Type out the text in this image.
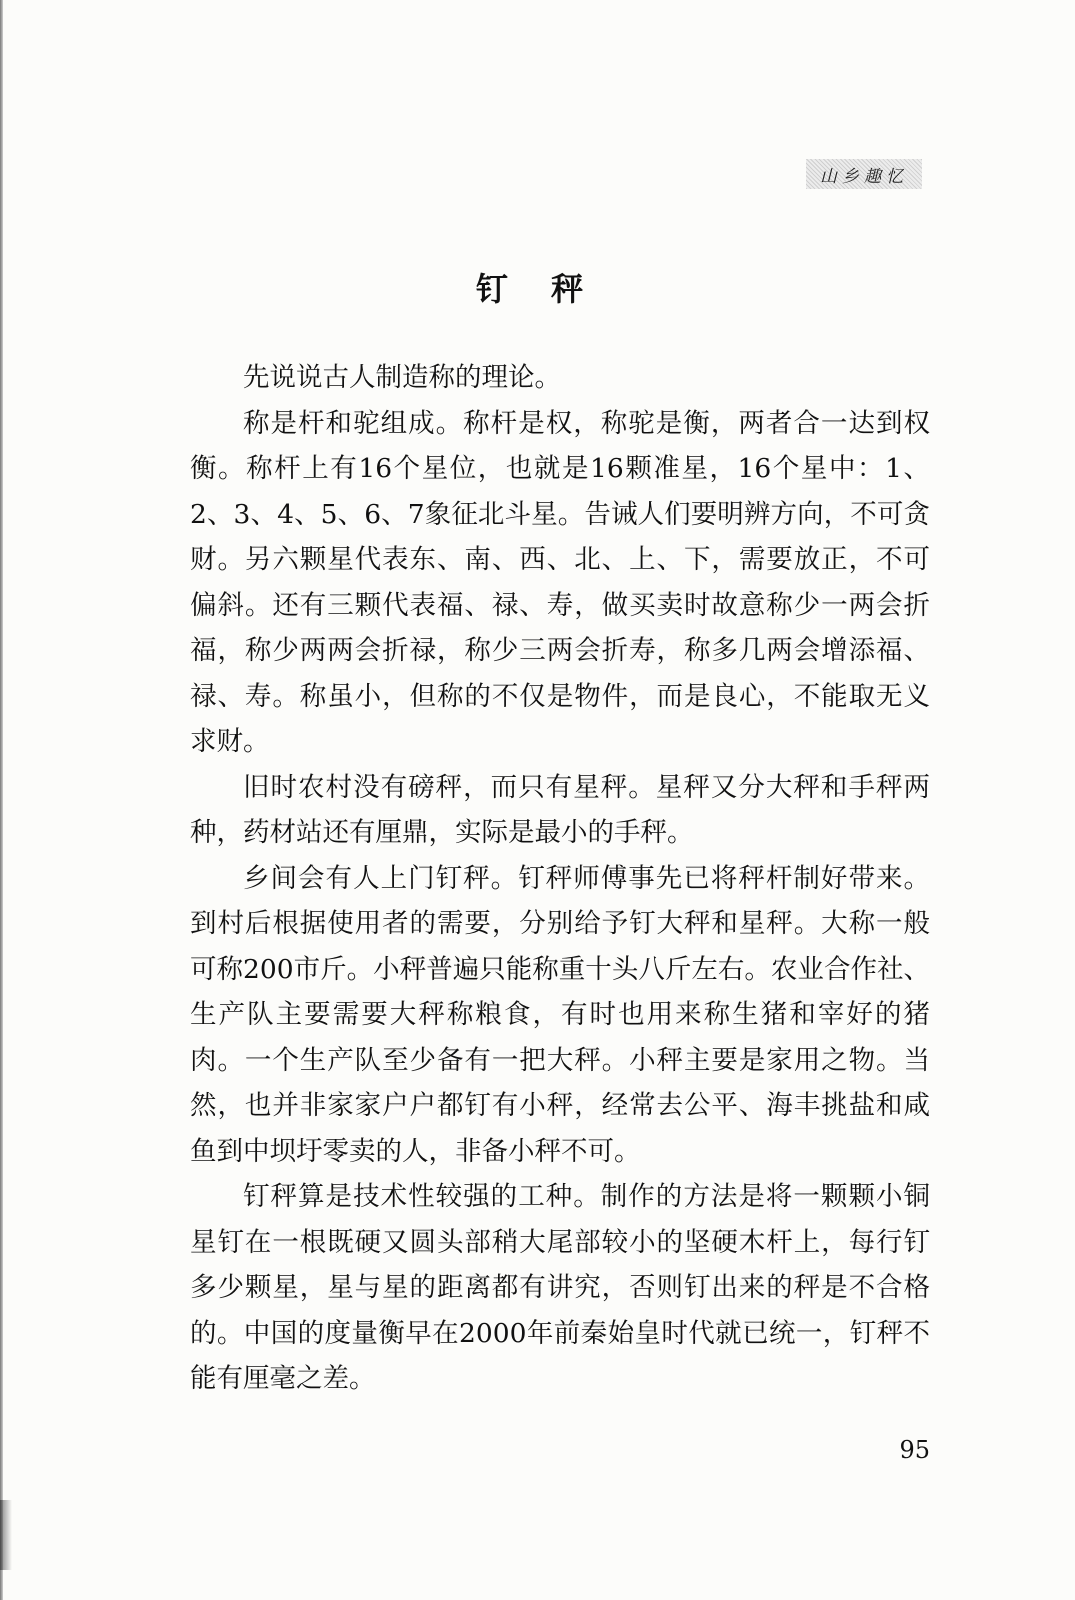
山乡趣忆
钉 秤

先说说古人制造称的理论。

称是杆和驼组成。称杆是权，称驼是衡，两者合一达到权衡。称杆上有16个星位，也就是16颗准星，16个星中：1、2、3、4、5、6、7象征北斗星。告诫人们要明辨方向，不可贪财。另六颗星代表东、南、西、北、上、下，需要放正，不可偏斜。还有三颗代表福、禄、寿，做买卖时故意称少一两会折福，称少两两会折禄，称少三两会折寿，称多几两会增添福、禄、寿。称虽小，但称的不仅是物件，而是良心，不能取无义求财。

旧时农村没有磅秤，而只有星秤。星秤又分大秤和手秤两种，药材站还有厘鼎，实际是最小的手秤。

乡间会有人上门钉秤。钉秤师傅事先已将秤杆制好带来。到村后根据使用者的需要，分别给予钉大秤和星秤。大称一般可称200市斤。小秤普遍只能称重十头八斤左右。农业合作社、生产队主要需要大秤称粮食，有时也用来称生猪和宰好的猪肉。一个生产队至少备有一把大秤。小秤主要是家用之物。当然，也并非家家户户都钉有小秤，经常去公平、海丰挑盐和咸鱼到中坝圩零卖的人，非备小秤不可。

钉秤算是技术性较强的工种。制作的方法是将一颗颗小铜星钉在一根既硬又圆头部稍大尾部较小的坚硬木杆上，每行钉多少颗星，星与星的距离都有讲究，否则钉出来的秤是不合格的。中国的度量衡早在2000年前秦始皇时代就已统一，钉秤不能有厘毫之差。

95
